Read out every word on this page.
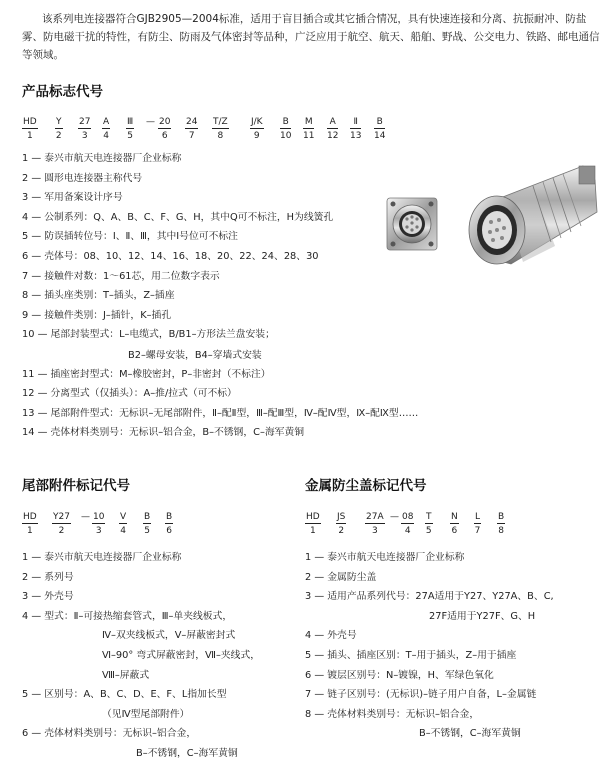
该系列电连接器符合GJB2905—2004标准，适用于盲目插合或其它插合情况，具有快速连接和分离、抗振耐冲、防盐雾、防电磁干扰的特性，有防尘、防雨及气体密封等品种，广泛应用于航空、航天、船舶、野战、公交电力、铁路、邮电通信等领域。
产品标志代号
HD
1
Y
2
27
3
A
4
Ⅲ
5
— 20
6
24
7
T/Z
8
J/K
9
B
10
M
11
A
12
Ⅱ
13
B
14
1 — 泰兴市航天电连接器厂企业标称
2 — 圆形电连接器主称代号
3 — 军用备案设计序号
4 — 公制系列：Q、A、B、C、F、G、H，其中Q可不标注，H为线簧孔
5 — 防误插转位号：Ⅰ、Ⅱ、Ⅲ，其中Ⅰ号位可不标注
6 — 壳体号：08、10、12、14、16、18、20、22、24、28、30
7 — 接触件对数：1～61芯，用二位数字表示
8 — 插头座类别：T–插头，Z–插座
9 — 接触件类别：J–插针，K–插孔
10 — 尾部封装型式：L–电缆式，B/B1–方形法兰盘安装；
11 — 插座密封型式：M–橡胶密封，P–非密封（不标注）
12 — 分离型式（仅插头）：A–推/拉式（可不标）
13 — 尾部附件型式：无标识–无尾部附件，Ⅱ–配Ⅱ型，Ⅲ–配Ⅲ型，Ⅳ–配Ⅳ型，Ⅸ–配Ⅸ型……
14 — 壳体材料类别号：无标识–铝合金，B–不锈钢，C–海军黄铜
B2–螺母安装，B4–穿墙式安装
尾部附件标记代号
HD
1
Y27
2
— 10
3
V
4
B
5
B
6
1 — 泰兴市航天电连接器厂企业标称
2 — 系列号
3 — 外壳号
4 — 型式：Ⅱ–可接热缩套管式，Ⅲ–单夹线板式，
Ⅳ–双夹线板式，Ⅴ–屏蔽密封式
Ⅵ–90° 弯式屏蔽密封，Ⅶ–夹线式，
Ⅷ–屏蔽式
5 — 区别号：A、B、C、D、E、F、L指加长型
（见Ⅳ型尾部附件）
6 — 壳体材料类别号：无标识–铝合金，
B–不锈钢，C–海军黄铜
金属防尘盖标记代号
HD
1
JS
2
27A
3
— 08
4
T
5
N
6
L
7
B
8
1 — 泰兴市航天电连接器厂企业标称
2 — 金属防尘盖
3 — 适用产品系列代号：27A适用于Y27、Y27A、B、C,
27F适用于Y27F、G、H
4 — 外壳号
5 — 插头、插座区别：T–用于插头，Z–用于插座
6 — 镀层区别号：N–镀镍，H、军绿色氧化
7 — 链子区别号：(无标识)–链子用户自备，L–金属链
8 — 壳体材料类别号：无标识–铝合金，
B–不锈钢，C–海军黄铜
